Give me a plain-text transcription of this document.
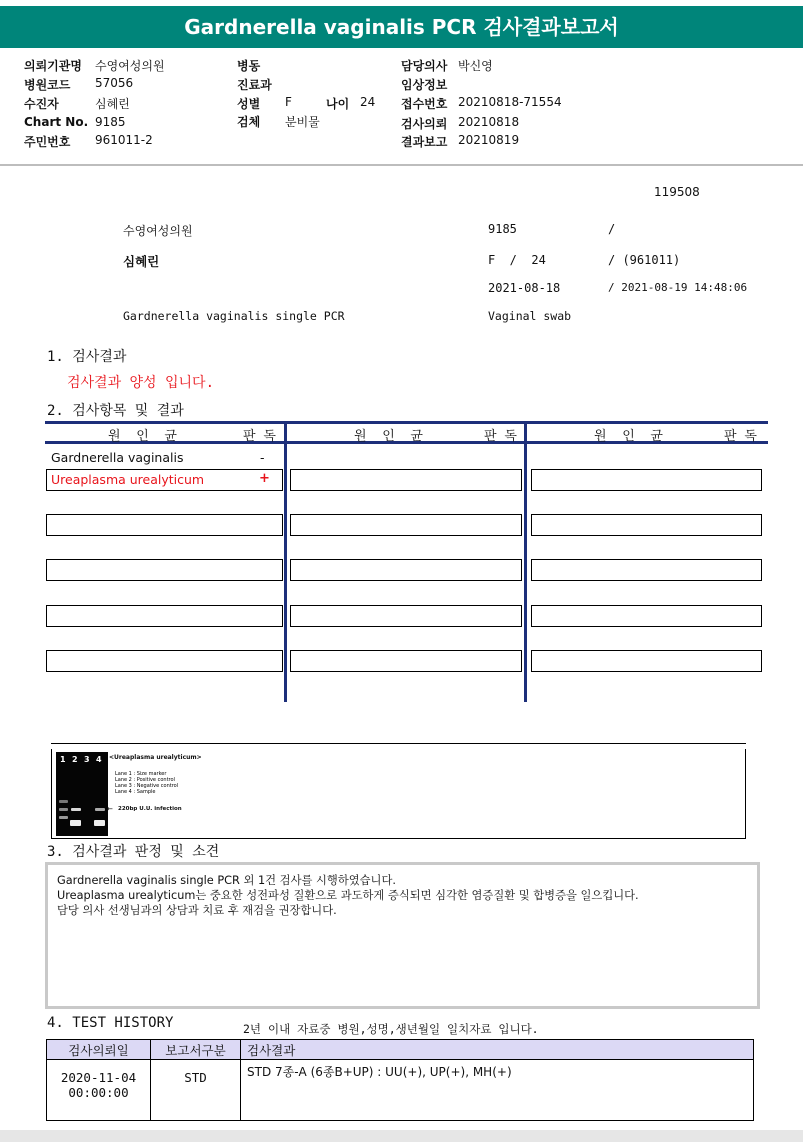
Gardnerella vaginalis PCR 검사결과보고서
의뢰기관명 수영여성의원
병원코드 57056
수진자	심혜린
Chart No. 9185
주민번호 961011-2
병동
진료과
성별 F	나이 24
검체 분비물
담당의사 박신영
임상정보
접수번호 20210818-71554
검사의뢰 20210818
결과보고 20210819
119508
수영여성의원	9185	/
심혜린	F  /  24	/ (961011)
2021-08-18	/ 2021-08-19 14:48:06
Gardnerella vaginalis single PCR	Vaginal swab
1. 검사결과
검사결과 양성 입니다.
2. 검사항목 및 결과
원  인  균	판 독	원  인  균	판 독	원  인  균	판 독
Gardnerella vaginalis	-
Ureaplasma urealyticum	+
1 2 3 4 <Ureaplasma urealyticum>
Lane 1 : Size marker
Lane 2 : Positive control
Lane 3 : Negative control
Lane 4 : Sample
← 220bp U.U. infection
3. 검사결과 판정 및 소견
Gardnerella vaginalis single PCR 외 1건 검사를 시행하였습니다.
Ureaplasma urealyticum는 중요한 성전파성 질환으로 과도하게 증식되면 심각한 염증질환 및 합병증을 일으킵니다.
담당 의사 선생님과의 상담과 치료 후 재검을 권장합니다.
4. TEST HISTORY	2년 이내 자료중 병원,성명,생년월일 일치자료 입니다.
검사의뢰일	보고서구분	검사결과

2020-11-04
00:00:00	STD	STD 7종-A (6종B+UP) : UU(+), UP(+), MH(+)
